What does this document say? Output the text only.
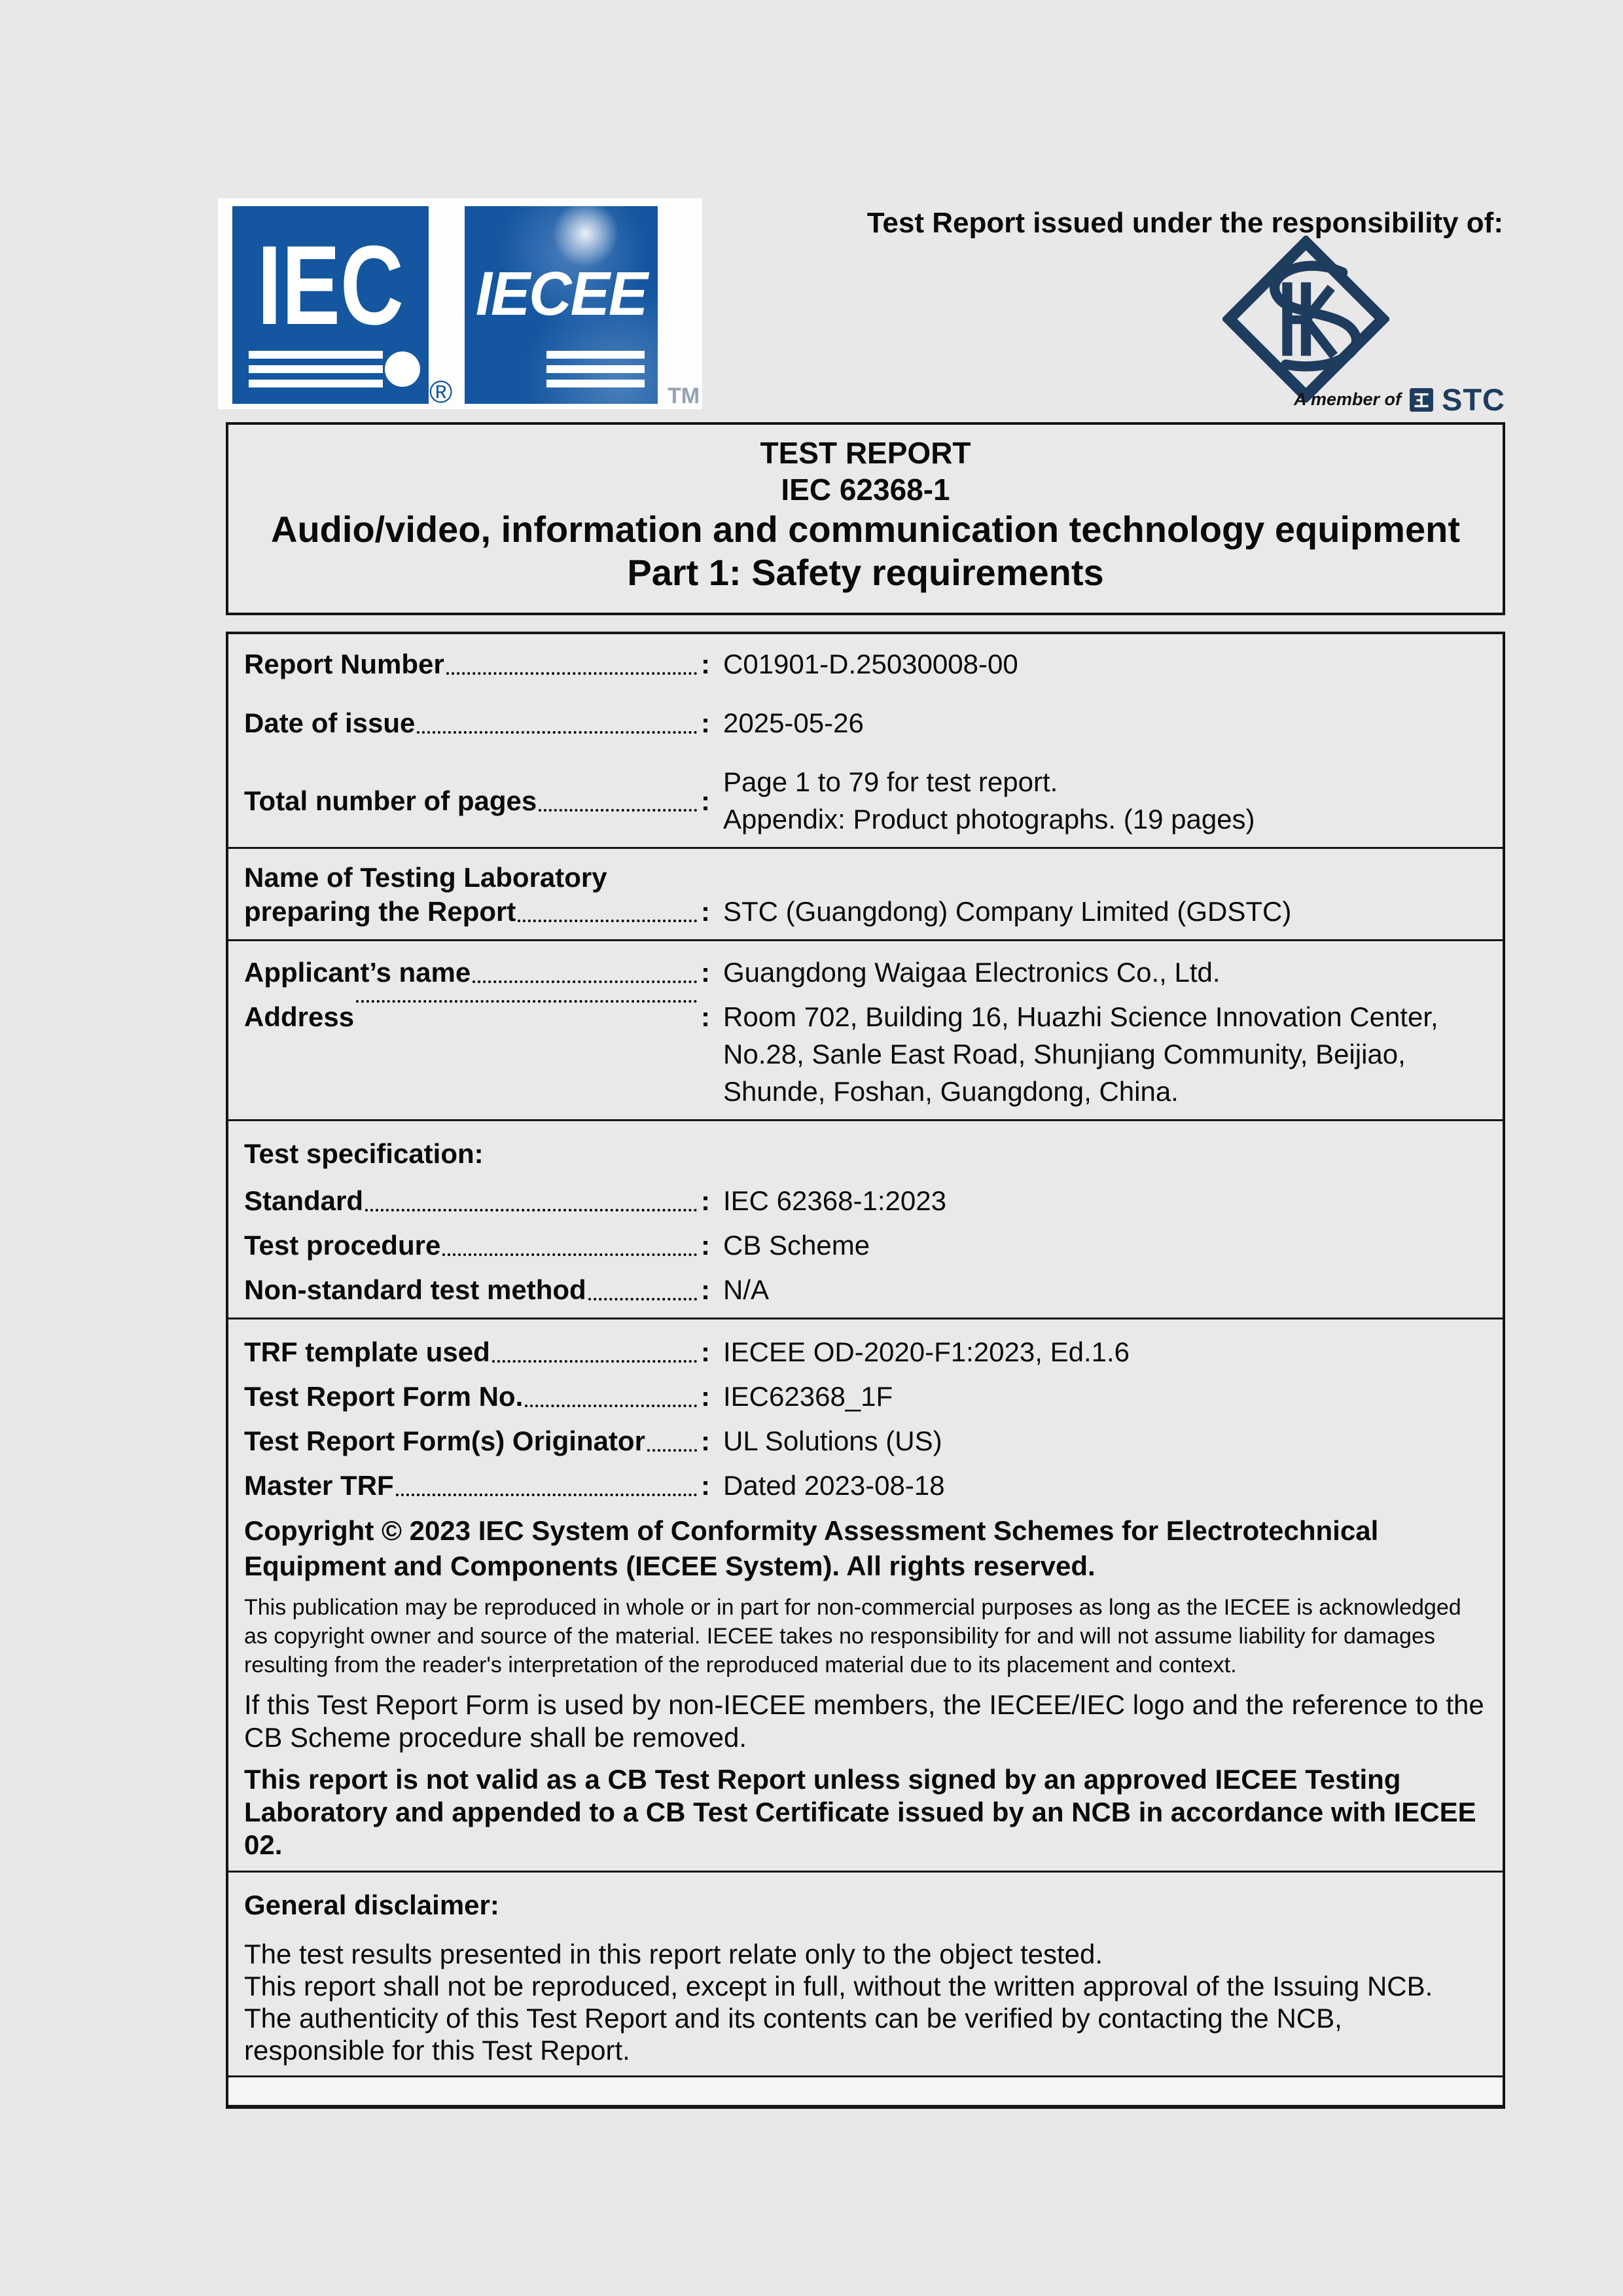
IEC IECEE
®	TM
Test Report issued under the responsibility of:
A member of STC
TEST REPORT
IEC 62368-1
Audio/video, information and communication technology equipment
Part 1: Safety requirements
Report Number	: C01901-D.25030008-00
Date of issue	: 2025-05-26
Total number of pages	:
Page 1 to 79 for test report.
Appendix: Product photographs. (19 pages)
Name of Testing Laboratory
preparing the Report	: STC (Guangdong) Company Limited (GDSTC)
Applicant’s name	: Guangdong Waigaa Electronics Co., Ltd.
Address	: Room 702, Building 16, Huazhi Science Innovation Center,
No.28, Sanle East Road, Shunjiang Community, Beijiao,
Shunde, Foshan, Guangdong, China.
Test specification:
Standard	: IEC 62368-1:2023
Test procedure	: CB Scheme
Non-standard test method	: N/A
TRF template used	: IECEE OD-2020-F1:2023, Ed.1.6
Test Report Form No.	: IEC62368_1F
Test Report Form(s) Originator : UL Solutions (US)
Master TRF	: Dated 2023-08-18
Copyright © 2023 IEC System of Conformity Assessment Schemes for Electrotechnical Equipment and Components (IECEE System). All rights reserved.
This publication may be reproduced in whole or in part for non-commercial purposes as long as the IECEE is acknowledged as copyright owner and source of the material. IECEE takes no responsibility for and will not assume liability for damages resulting from the reader's interpretation of the reproduced material due to its placement and context.
If this Test Report Form is used by non-IECEE members, the IECEE/IEC logo and the reference to the CB Scheme procedure shall be removed.
This report is not valid as a CB Test Report unless signed by an approved IECEE Testing Laboratory and appended to a CB Test Certificate issued by an NCB in accordance with IECEE 02.
General disclaimer:
The test results presented in this report relate only to the object tested.
This report shall not be reproduced, except in full, without the written approval of the Issuing NCB. The authenticity of this Test Report and its contents can be verified by contacting the NCB, responsible for this Test Report.
